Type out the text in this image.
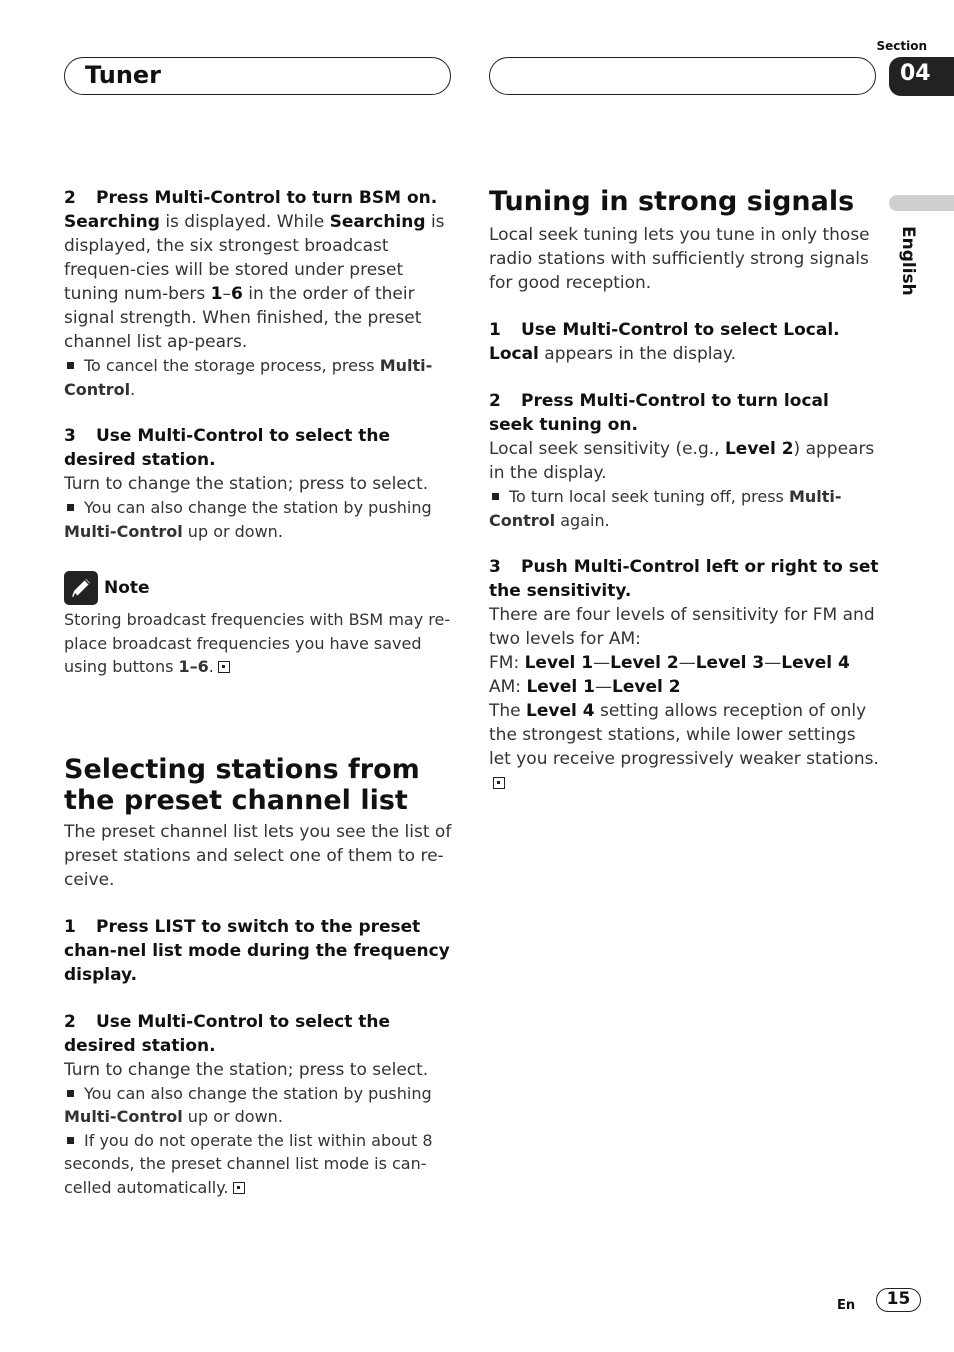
Tuner
Section
04
English
2 Press Multi-Control to turn BSM on.
Searching is displayed. While Searching is displayed, the six strongest broadcast frequen-cies will be stored under preset tuning num-bers 1–6 in the order of their signal strength. When finished, the preset channel list ap-pears.
To cancel the storage process, press Multi-Control.
3 Use Multi-Control to select the desired station.
Turn to change the station; press to select.
You can also change the station by pushing Multi-Control up or down.
Note
Storing broadcast frequencies with BSM may re-place broadcast frequencies you have saved using buttons 1–6.
Selecting stations from the preset channel list
The preset channel list lets you see the list of preset stations and select one of them to re-ceive.
1 Press LIST to switch to the preset chan-nel list mode during the frequency display.
2 Use Multi-Control to select the desired station.
Turn to change the station; press to select.
You can also change the station by pushing Multi-Control up or down.
If you do not operate the list within about 8 seconds, the preset channel list mode is can-celled automatically.
Tuning in strong signals
Local seek tuning lets you tune in only those radio stations with sufficiently strong signals for good reception.
1 Use Multi-Control to select Local.
Local appears in the display.
2 Press Multi-Control to turn local seek tuning on.
Local seek sensitivity (e.g., Level 2) appears in the display.
To turn local seek tuning off, press Multi-Control again.
3 Push Multi-Control left or right to set the sensitivity.
There are four levels of sensitivity for FM and two levels for AM:
FM: Level 1—Level 2—Level 3—Level 4
AM: Level 1—Level 2
The Level 4 setting allows reception of only the strongest stations, while lower settings let you receive progressively weaker stations.
En	15
